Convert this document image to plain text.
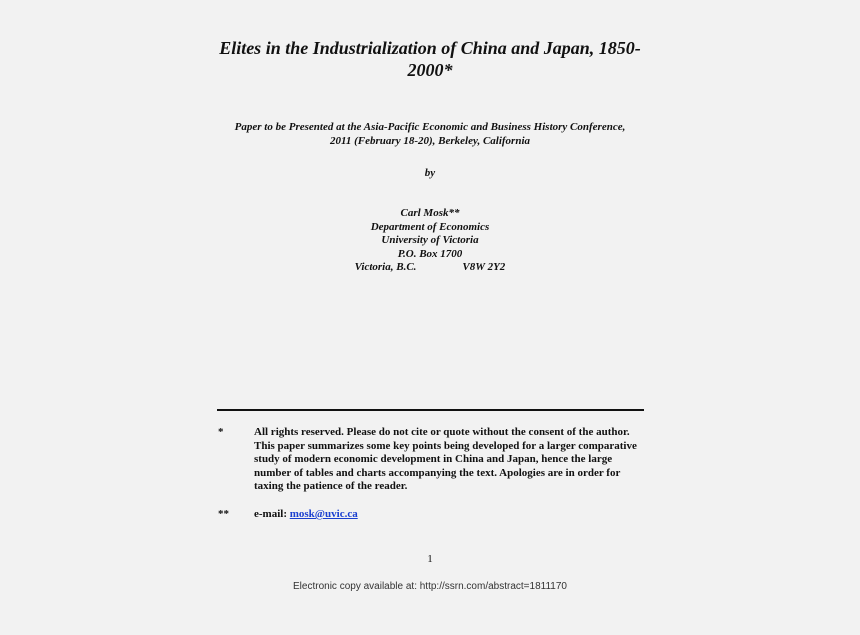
Elites in the Industrialization of China and Japan, 1850-
2000*
Paper to be Presented at the Asia-Pacific Economic and Business History Conference,
2011 (February 18-20), Berkeley, California
by
Carl Mosk**
Department of Economics
University of Victoria
P.O. Box 1700
Victoria, B.C.	V8W 2Y2
*	All rights reserved. Please do not cite or quote without the consent of the author. This paper summarizes some key points being developed for a larger comparative study of modern economic development in China and Japan, hence the large number of tables and charts accompanying the text. Apologies are in order for taxing the patience of the reader.
** e-mail: mosk@uvic.ca
1
Electronic copy available at: http://ssrn.com/abstract=1811170
